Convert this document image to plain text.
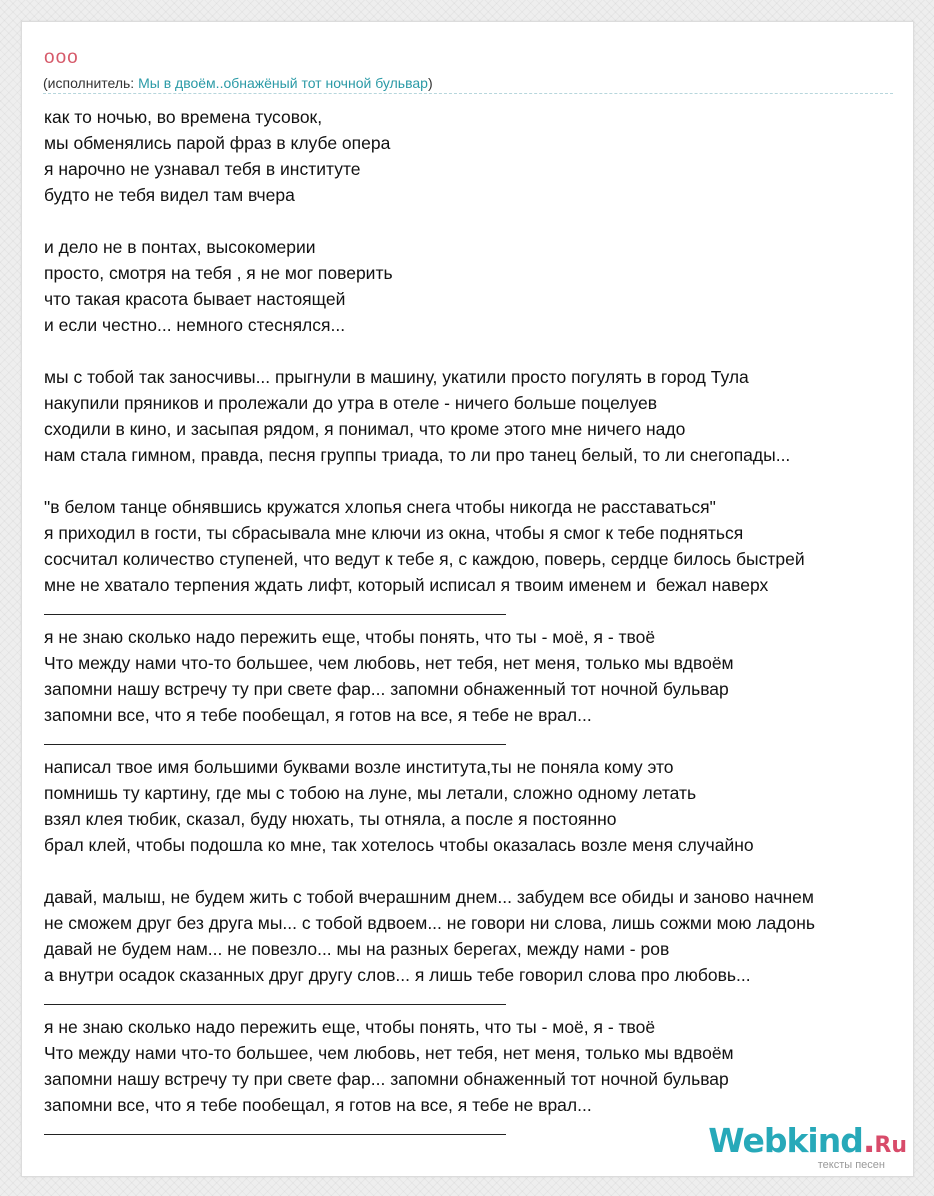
ооо
(исполнитель: Мы в двоём..обнажёный тот ночной бульвар)
как то ночью, во времена тусовок,
мы обменялись парой фраз в клубе опера
я нарочно не узнавал тебя в институте
будто не тебя видел там вчера
и дело не в понтах, высокомерии
просто, смотря на тебя , я не мог поверить
что такая красота бывает настоящей
и если честно... немного стеснялся...
мы с тобой так заносчивы... прыгнули в машину, укатили просто погулять в город Тула
накупили пряников и пролежали до утра в отеле - ничего больше поцелуев
сходили в кино, и засыпая рядом, я понимал, что кроме этого мне ничего надо
нам стала гимном, правда, песня группы триада, то ли про танец белый, то ли снегопады...
"в белом танце обнявшись кружатся хлопья снега чтобы никогда не расставаться"
я приходил в гости, ты сбрасывала мне ключи из окна, чтобы я смог к тебе подняться
сосчитал количество ступеней, что ведут к тебе я, с каждою, поверь, сердце билось быстрей
мне не хватало терпения ждать лифт, который исписал я твоим именем и  бежал наверх
я не знаю сколько надо пережить еще, чтобы понять, что ты - моё, я - твоё
Что между нами что-то большее, чем любовь, нет тебя, нет меня, только мы вдвоём
запомни нашу встречу ту при свете фар... запомни обнаженный тот ночной бульвар
запомни все, что я тебе пообещал, я готов на все, я тебе не врал...
написал твое имя большими буквами возле института,ты не поняла кому это
помнишь ту картину, где мы с тобою на луне, мы летали, сложно одному летать
взял клея тюбик, сказал, буду нюхать, ты отняла, а после я постоянно
брал клей, чтобы подошла ко мне, так хотелось чтобы оказалась возле меня случайно
давай, малыш, не будем жить с тобой вчерашним днем... забудем все обиды и заново начнем
не сможем друг без друга мы... с тобой вдвоем... не говори ни слова, лишь сожми мою ладонь
давай не будем нам... не повезло... мы на разных берегах, между нами - ров
а внутри осадок сказанных друг другу слов... я лишь тебе говорил слова про любовь...
я не знаю сколько надо пережить еще, чтобы понять, что ты - моё, я - твоё
Что между нами что-то большее, чем любовь, нет тебя, нет меня, только мы вдвоём
запомни нашу встречу ту при свете фар... запомни обнаженный тот ночной бульвар
запомни все, что я тебе пообещал, я готов на все, я тебе не врал...
Webkind.Ru
тексты песен
